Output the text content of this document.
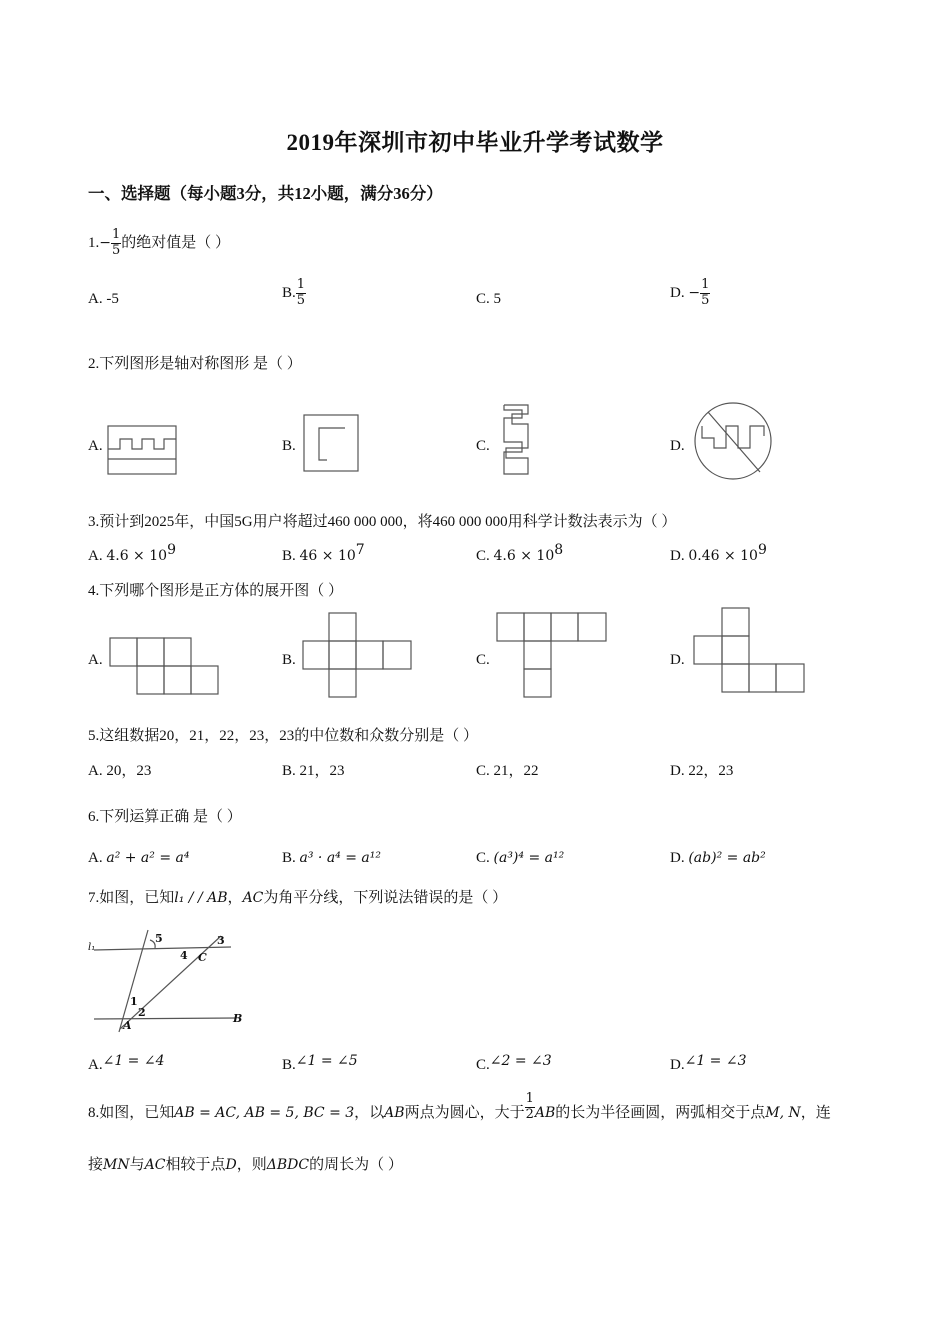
2019年深圳市初中毕业升学考试数学
一、选择题（每小题3分，共12小题，满分36分）
$1.- \frac{1}{5}$ 的绝对值是（ ）
A. -5	B. $\frac{1}{5}$	C. 5	D. − $\frac{1}{5}$
2.下列图形是轴对称图形 是（ ）
A.	B.	C.	D.
3.预计到2025年，中国5G用户将超过460 000 000，将460 000 000用科学计数法表示为（ ）
A. $4.6 \times 10^9$	B. $46 \times 10^7$	C. $4.6 \times 10^8$	D. $0.46 \times 10^9$
4.下列哪个图形是正方体的展开图（ ）
A.	B.	C.	D.
5.这组数据20，21，22，23，23的中位数和众数分别是（ ）
A. 20，23	B. 21，23	C. 21，22	D. 22，23
6.下列运算正确 是（ ）
A. a² + a² = a⁴	B. a³ · a⁴ = a¹²	C. (a³)⁴ = a¹²	D. (ab)² = ab²
7.如图，已知l₁ / / AB，AC为角平分线，下列说法错误的是（ ）
l₁
5
4
3
C
1
2
A
B
A.∠1 = ∠4	B.∠1 = ∠5	C.∠2 = ∠3	D.∠1 = ∠3
8.如图，已知AB = AC, AB = 5, BC = 3，以AB两点为圆心，大于 $\frac{1}{2}$ AB的长为半径画圆，两弧相交于点M, N，连
接MN与AC相较于点D，则ΔBDC的周长为（ ）
